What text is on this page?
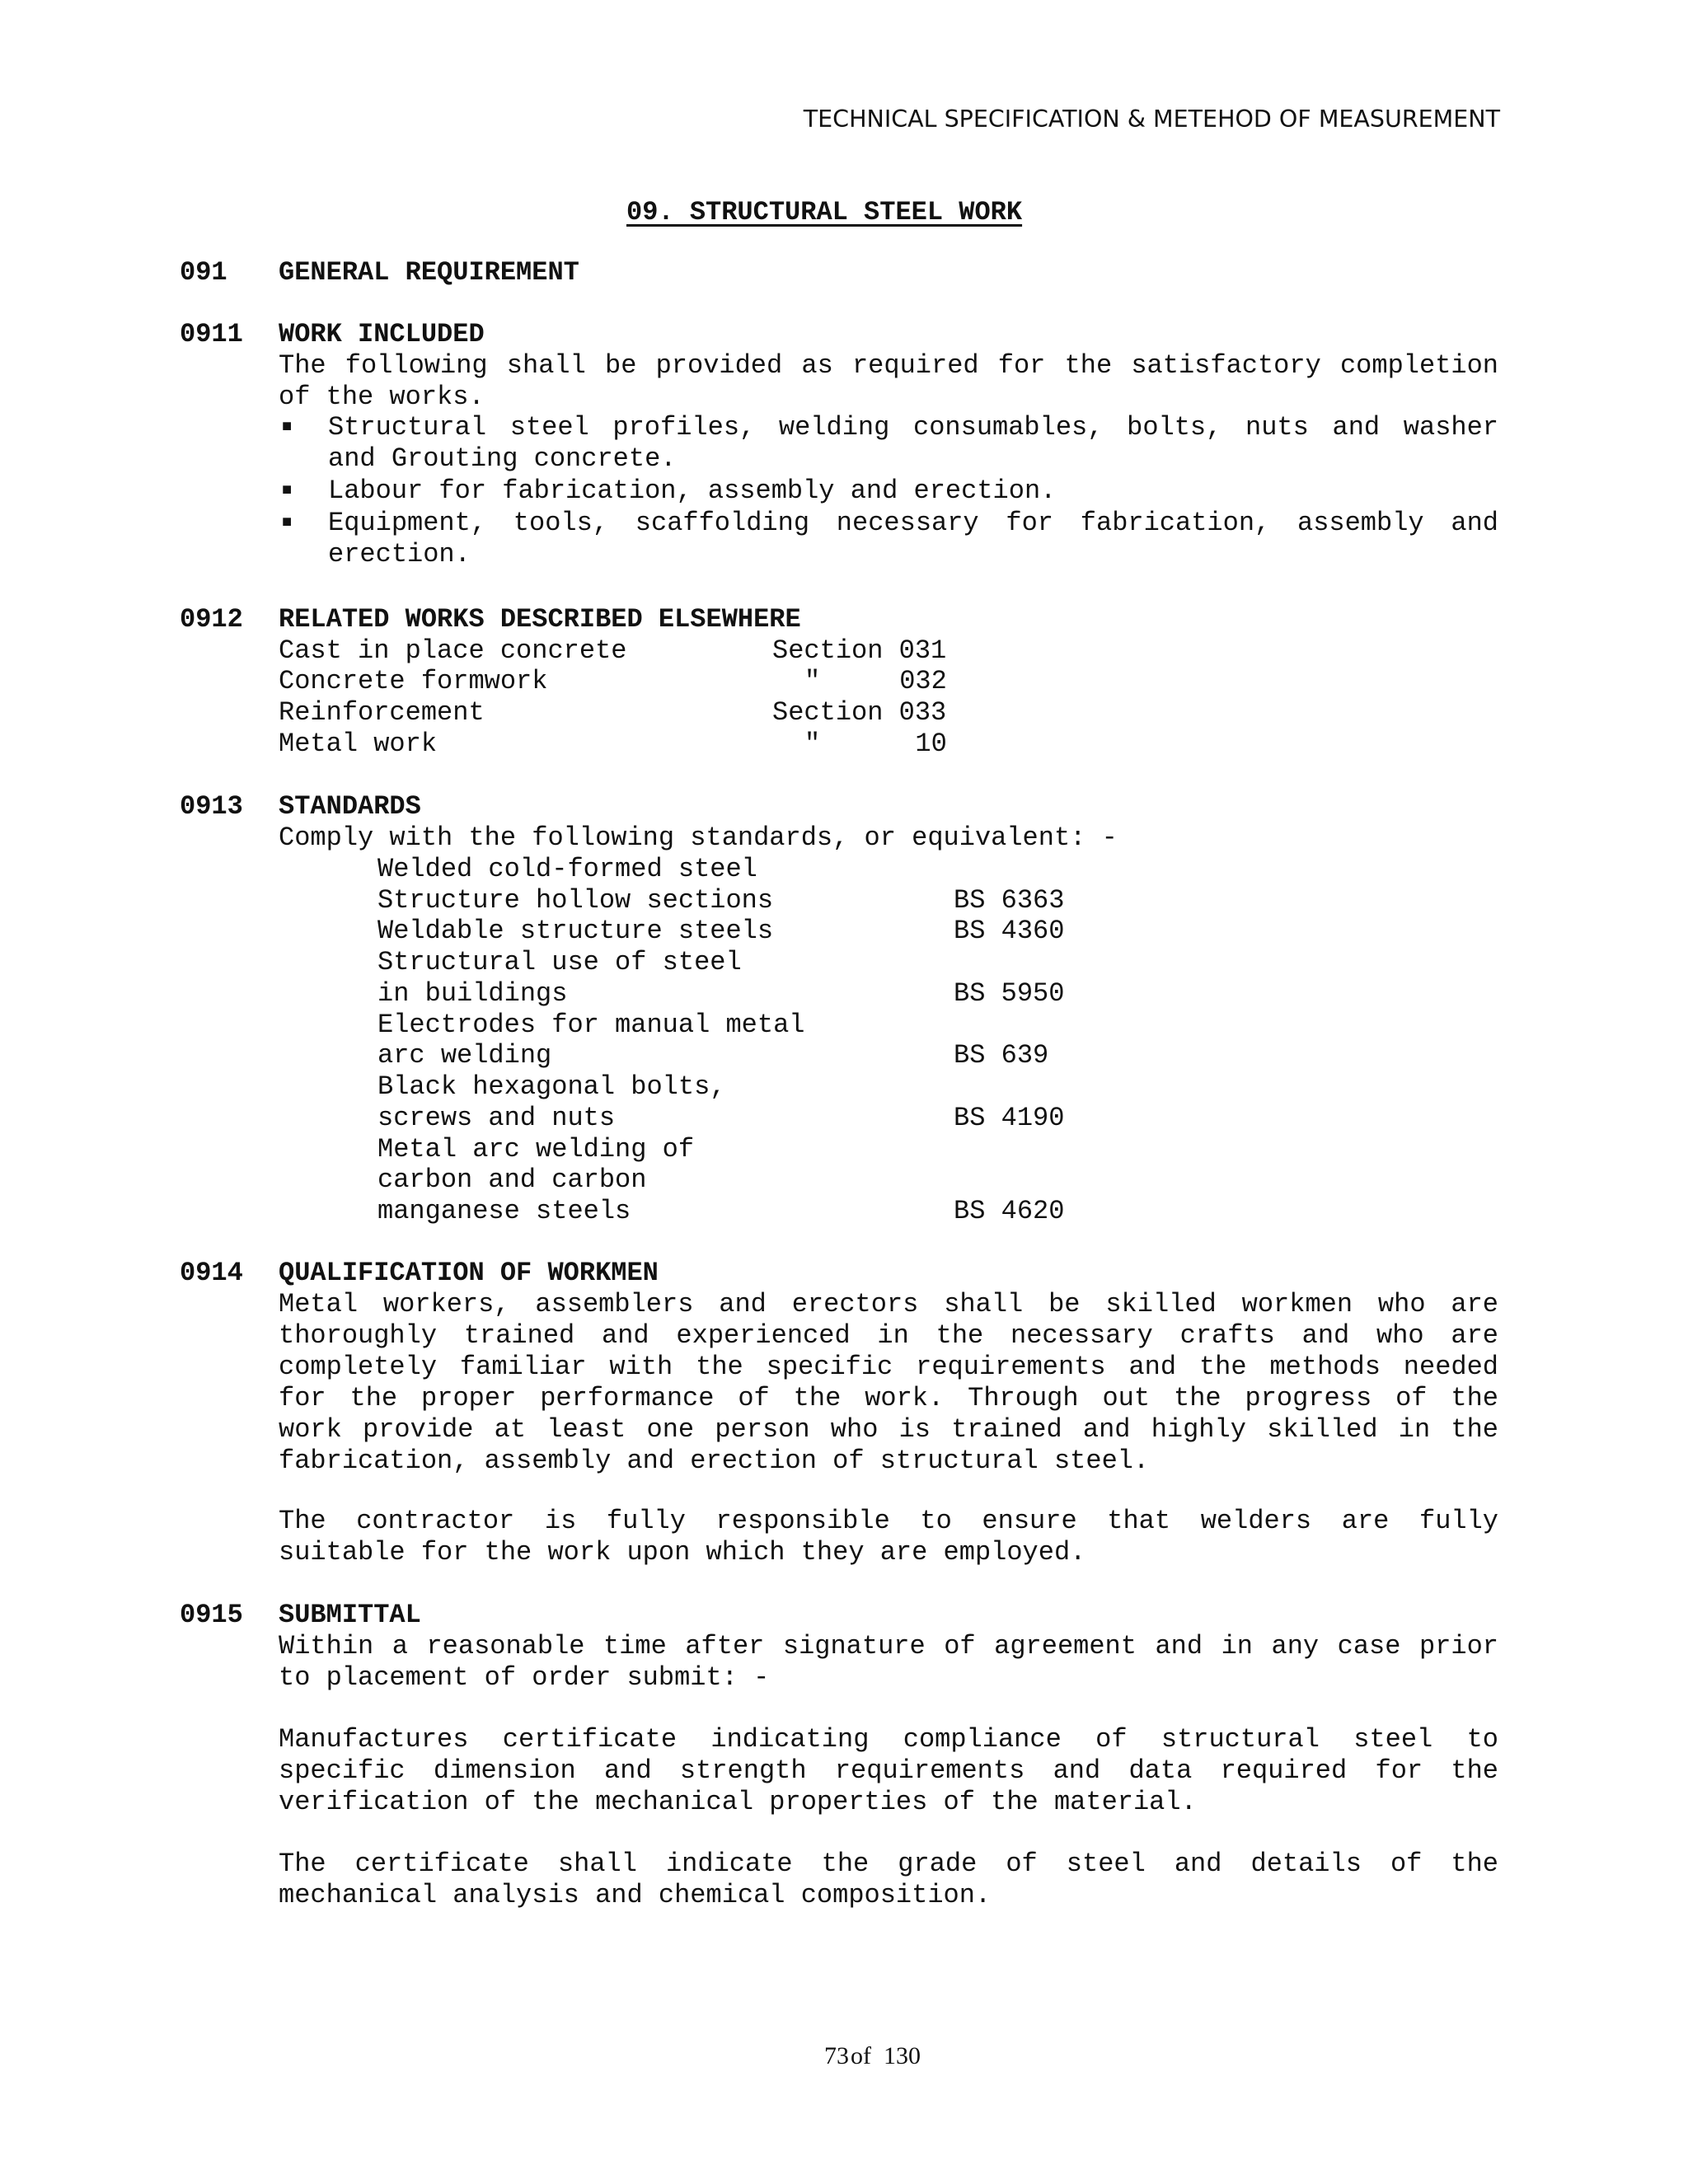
TECHNICAL SPECIFICATION & METEHOD OF MEASUREMENT
09. STRUCTURAL STEEL WORK
091 GENERAL REQUIREMENT
0911 WORK INCLUDED

The following shall be provided as required for the satisfactory completion

of the works.

■ Structural steel profiles, welding consumables, bolts, nuts and washer

and Grouting concrete.

■ Labour for fabrication, assembly and erection.

■ Equipment, tools, scaffolding necessary for fabrication, assembly and

erection.

0912 RELATED WORKS DESCRIBED ELSEWHERE
Cast in place concrete	Section 031
Concrete formwork	"     032
Reinforcement	Section 033
Metal work	"      10
0913 STANDARDS
Comply with the following standards, or equivalent: -
Welded cold-formed steel
Structure hollow sections	BS 6363
Weldable structure steels	BS 4360
Structural use of steel
in buildings	BS 5950
Electrodes for manual metal
arc welding	BS 639
Black hexagonal bolts,
screws and nuts	BS 4190
Metal arc welding of
carbon and carbon
manganese steels	BS 4620
0914 QUALIFICATION OF WORKMEN

Metal workers, assemblers and erectors shall be skilled workmen who are

thoroughly trained and experienced in the necessary crafts and who are

completely familiar with the specific requirements and the methods needed

for the proper performance of the work. Through out the progress of the

work provide at least one person who is trained and highly skilled in the

fabrication, assembly and erection of structural steel.

The contractor is fully responsible to ensure that welders are fully

suitable for the work upon which they are employed.

0915 SUBMITTAL

Within a reasonable time after signature of agreement and in any case prior

to placement of order submit: -

Manufactures certificate indicating compliance of structural steel to

specific dimension and strength requirements and data required for the

verification of the mechanical properties of the material.

The certificate shall indicate the grade of steel and details of the

mechanical analysis and chemical composition.

73of 130
